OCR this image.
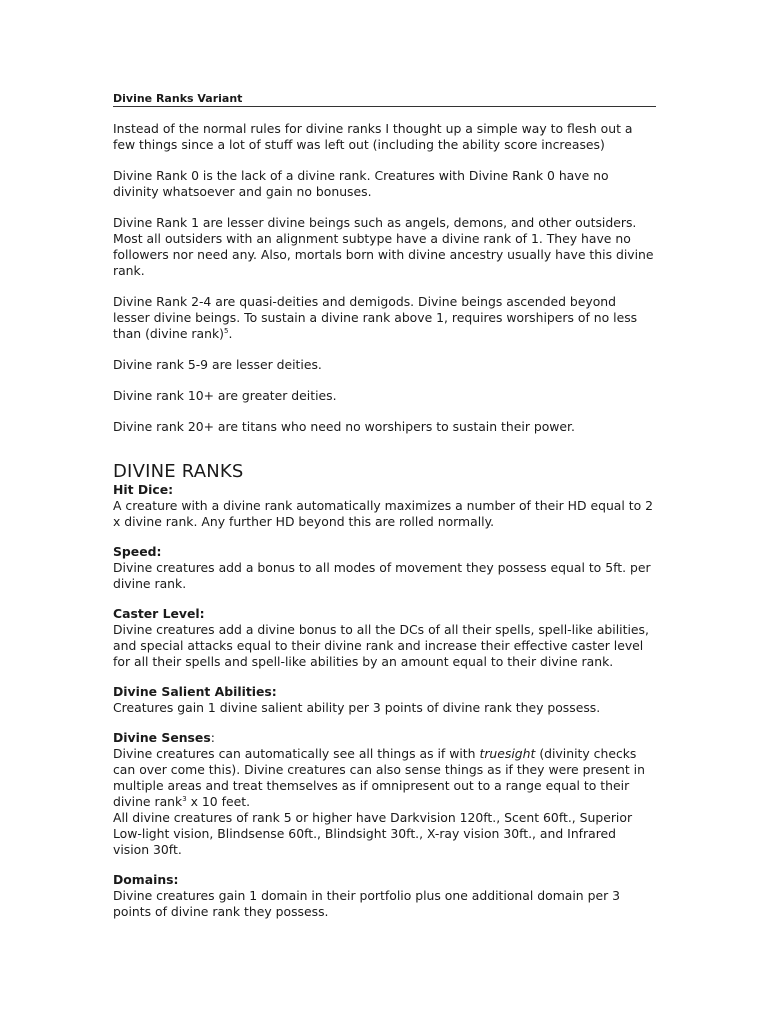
Divine Ranks Variant

Instead of the normal rules for divine ranks I thought up a simple way to flesh out a few things since a lot of stuff was left out (including the ability score increases)

Divine Rank 0 is the lack of a divine rank. Creatures with Divine Rank 0 have no divinity whatsoever and gain no bonuses.

Divine Rank 1 are lesser divine beings such as angels, demons, and other outsiders. Most all outsiders with an alignment subtype have a divine rank of 1. They have no followers nor need any. Also, mortals born with divine ancestry usually have this divine rank.

Divine Rank 2-4 are quasi-deities and demigods. Divine beings ascended beyond lesser divine beings. To sustain a divine rank above 1, requires worshipers of no less than (divine rank)$^5$.

Divine rank 5-9 are lesser deities.

Divine rank 10+ are greater deities.

Divine rank 20+ are titans who need no worshipers to sustain their power.

DIVINE RANKS
Hit Dice:

A creature with a divine rank automatically maximizes a number of their HD equal to 2 x divine rank. Any further HD beyond this are rolled normally.

Speed:

Divine creatures add a bonus to all modes of movement they possess equal to 5ft. per divine rank.

Caster Level:

Divine creatures add a divine bonus to all the DCs of all their spells, spell-like abilities, and special attacks equal to their divine rank and increase their effective caster level for all their spells and spell-like abilities by an amount equal to their divine rank.

Divine Salient Abilities:

Creatures gain 1 divine salient ability per 3 points of divine rank they possess.

Divine Senses:

Divine creatures can automatically see all things as if with truesight (divinity checks can over come this). Divine creatures can also sense things as if they were present in multiple areas and treat themselves as if omnipresent out to a range equal to their divine rank$^3$ x 10 feet.

All divine creatures of rank 5 or higher have Darkvision 120ft., Scent 60ft., Superior Low-light vision, Blindsense 60ft., Blindsight 30ft., X-ray vision 30ft., and Infrared vision 30ft.

Domains:

Divine creatures gain 1 domain in their portfolio plus one additional domain per 3 points of divine rank they possess.
